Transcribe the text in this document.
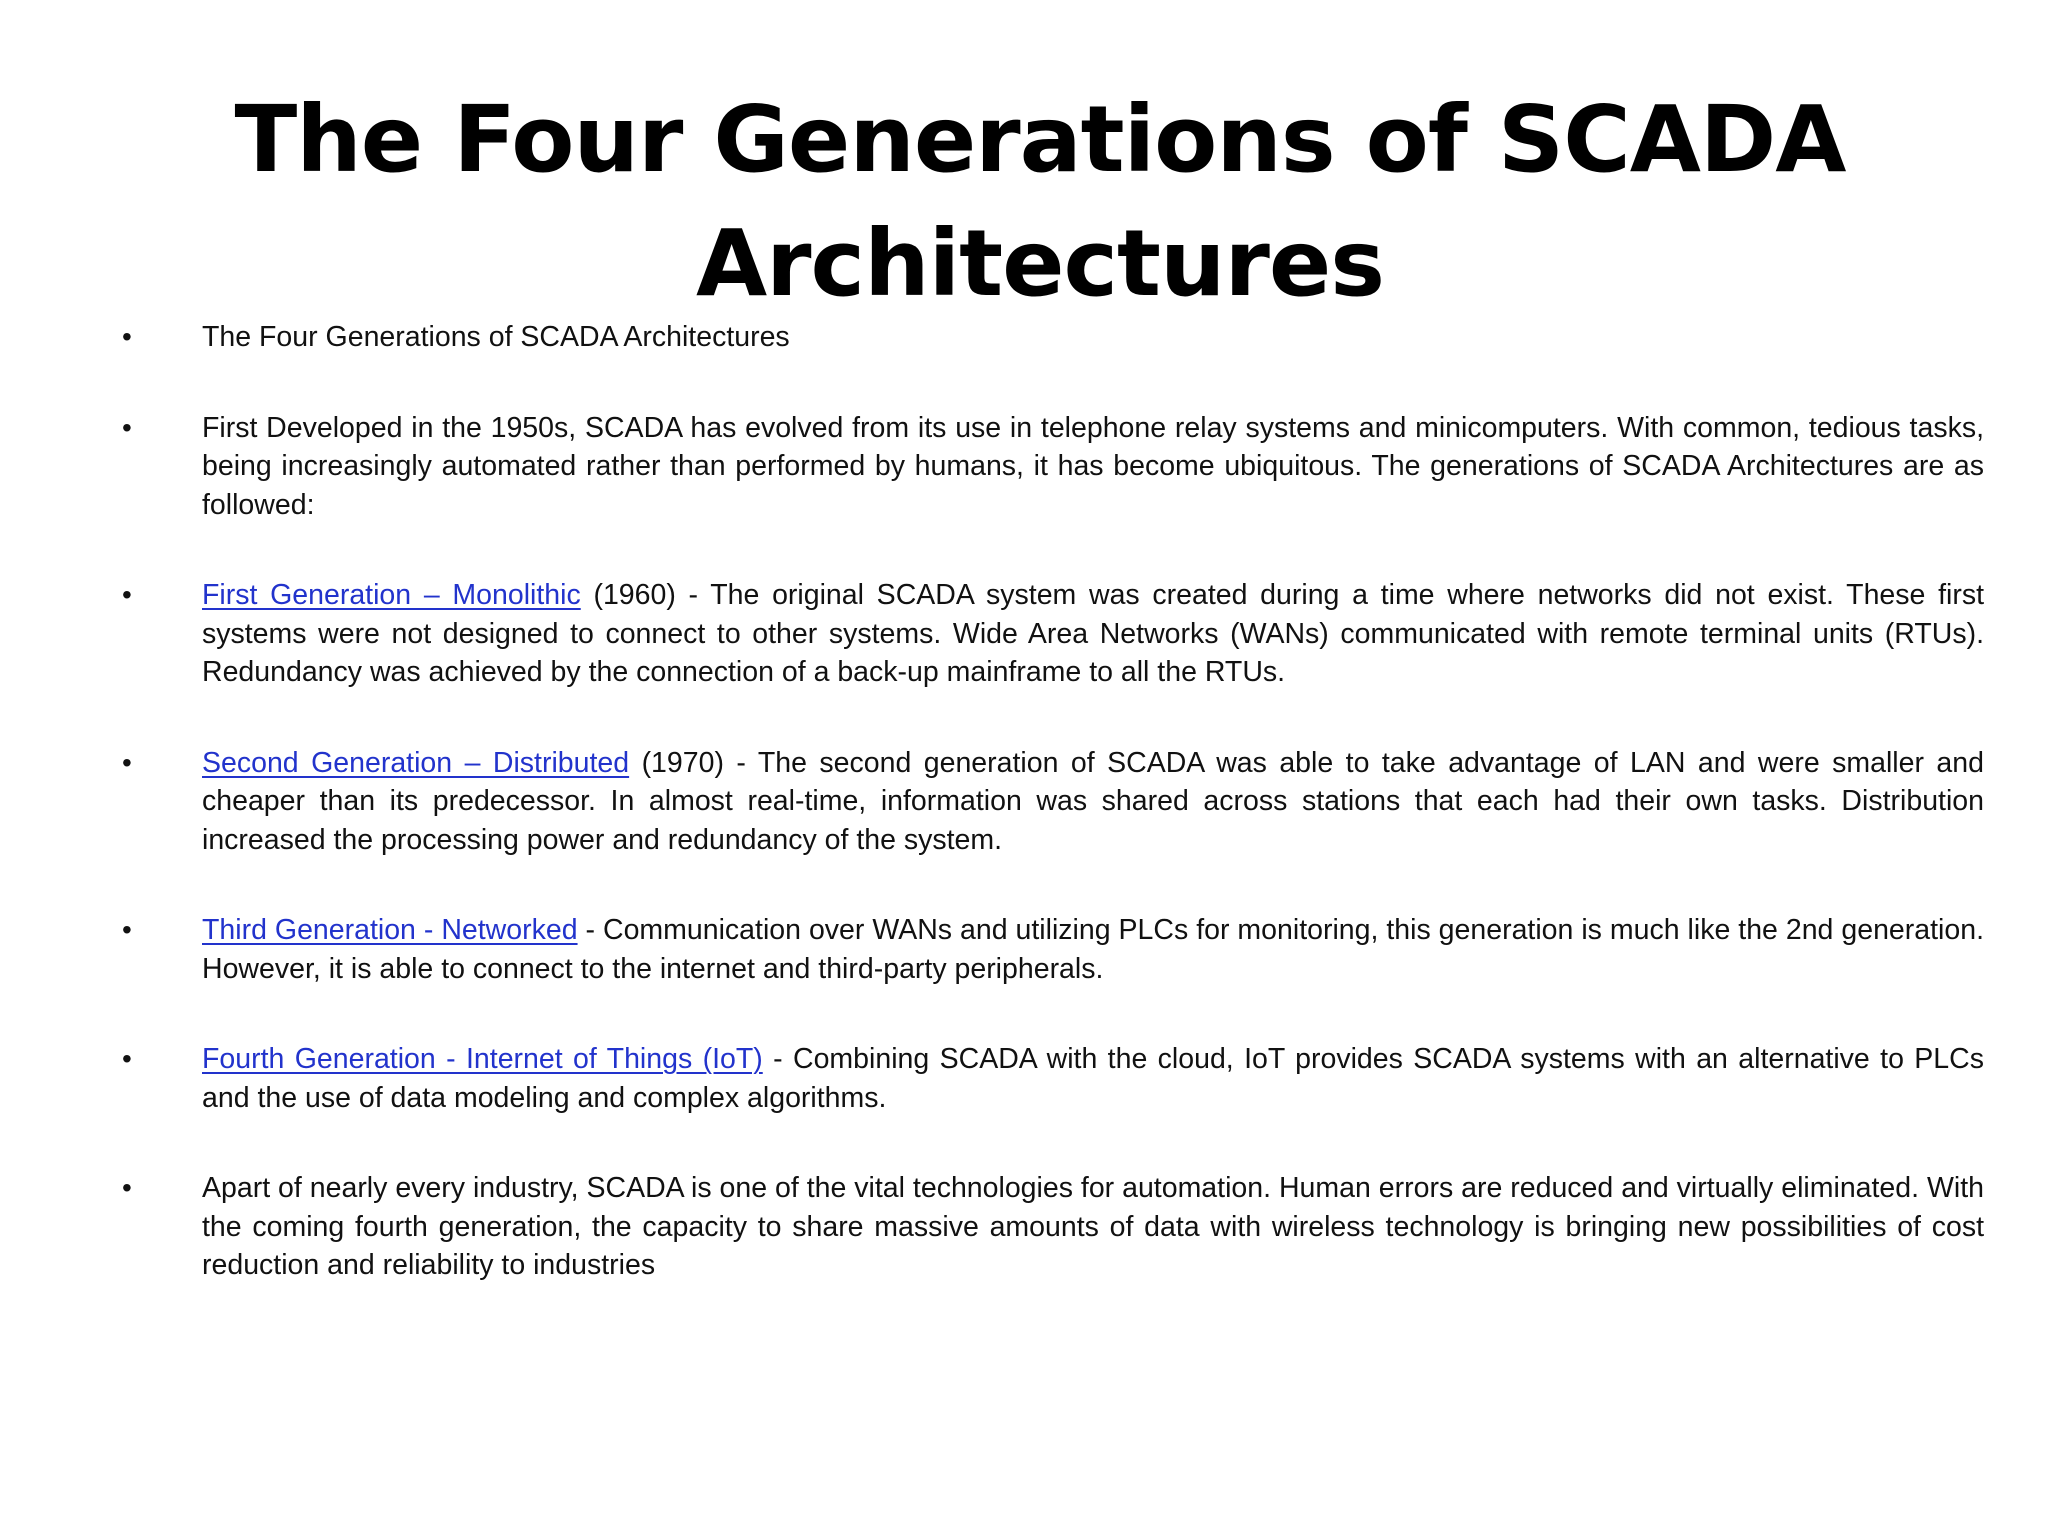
The Four Generations of SCADA Architectures
•	The Four Generations of SCADA Architectures
•	First Developed in the 1950s, SCADA has evolved from its use in telephone relay systems and minicomputers. With common, tedious tasks, being increasingly automated rather than performed by humans, it has become ubiquitous. The generations of SCADA Architectures are as followed:
•	First Generation – Monolithic (1960) - The original SCADA system was created during a time where networks did not exist. These first systems were not designed to connect to other systems. Wide Area Networks (WANs) communicated with remote terminal units (RTUs). Redundancy was achieved by the connection of a back-up mainframe to all the RTUs.
•	Second Generation – Distributed (1970) - The second generation of SCADA was able to take advantage of LAN and were smaller and cheaper than its predecessor. In almost real-time, information was shared across stations that each had their own tasks. Distribution increased the processing power and redundancy of the system.
•	Third Generation - Networked - Communication over WANs and utilizing PLCs for monitoring, this generation is much like the 2nd generation. However, it is able to connect to the internet and third-party peripherals.
•	Fourth Generation - Internet of Things (IoT) - Combining SCADA with the cloud, IoT provides SCADA systems with an alternative to PLCs and the use of data modeling and complex algorithms.
•	Apart of nearly every industry, SCADA is one of the vital technologies for automation. Human errors are reduced and virtually eliminated. With the coming fourth generation, the capacity to share massive amounts of data with wireless technology is bringing new possibilities of cost reduction and reliability to industries
